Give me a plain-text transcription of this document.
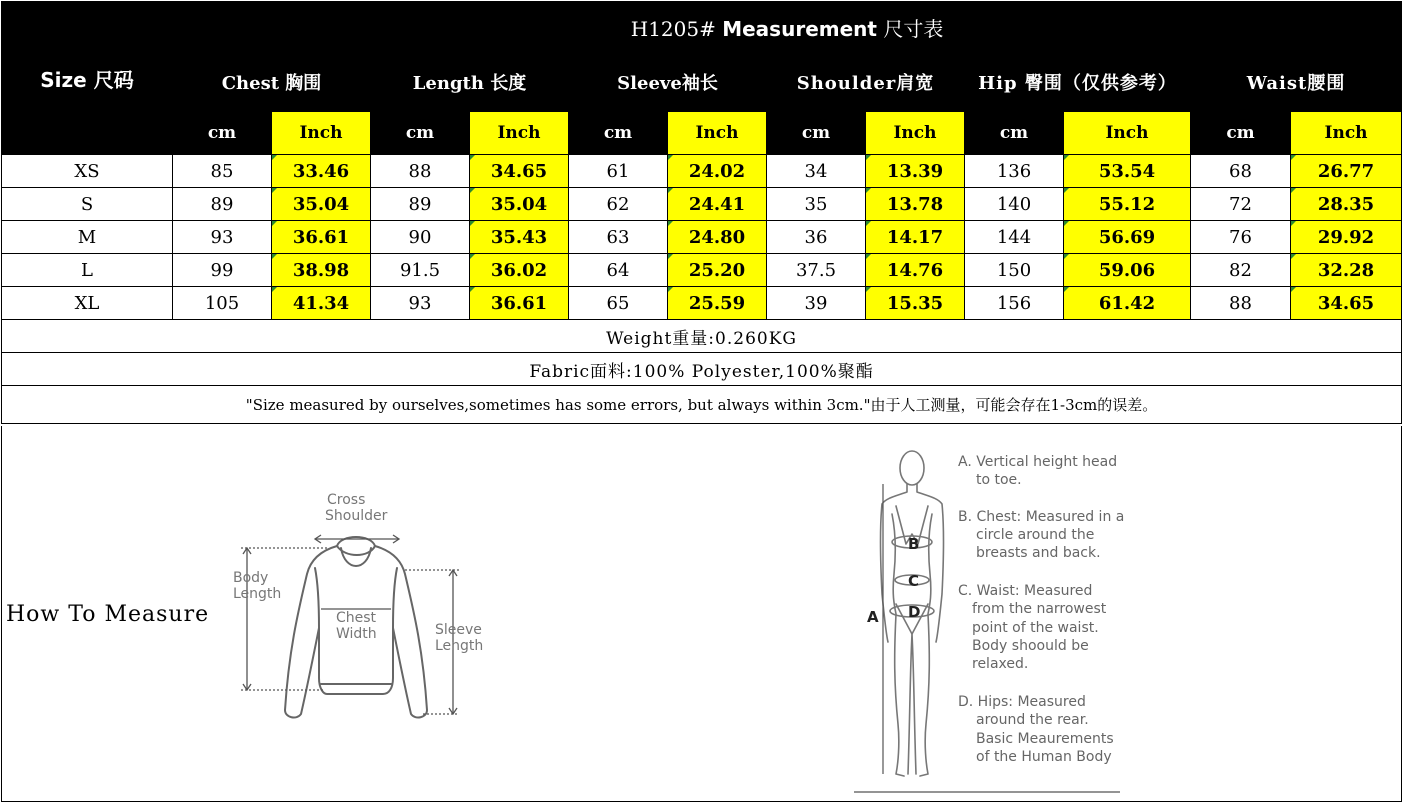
Size 尺码	H1205# Measurement 尺寸表											
	Chest 胸围		Length 长度		Sleeve袖长		Shoulder肩宽		Hip 臀围（仅供参考）		Waist腰围	
	cm	Inch	cm	Inch	cm	Inch	cm	Inch	cm	Inch	cm	Inch
XS	85	33.46	88	34.65	61	24.02	34	13.39	136	53.54	68	26.77
S	89	35.04	89	35.04	62	24.41	35	13.78	140	55.12	72	28.35
M	93	36.61	90	35.43	63	24.80	36	14.17	144	56.69	76	29.92
L	99	38.98	91.5	36.02	64	25.20	37.5	14.76	150	59.06	82	32.28
XL	105	41.34	93	36.61	65	25.59	39	15.35	156	61.42	88	34.65
Weight重量:0.260KG												
Fabric面料:100% Polyester,100%聚酯												
"Size measured by ourselves,sometimes has some errors, but always within 3cm."由于人工测量，可能会存在1-3cm的误差。												
How To Measure
Cross
Shoulder
Body
Length
Chest
Width	Sleeve
Length
A
B
C
D
A. Vertical height head
to toe.
B. Chest: Measured in a
circle around the
breasts and back.
C. Waist: Measured
from the narrowest
point of the waist.
Body shoould be
relaxed.
D. Hips: Measured
around the rear.
Basic Meaurements
of the Human Body
